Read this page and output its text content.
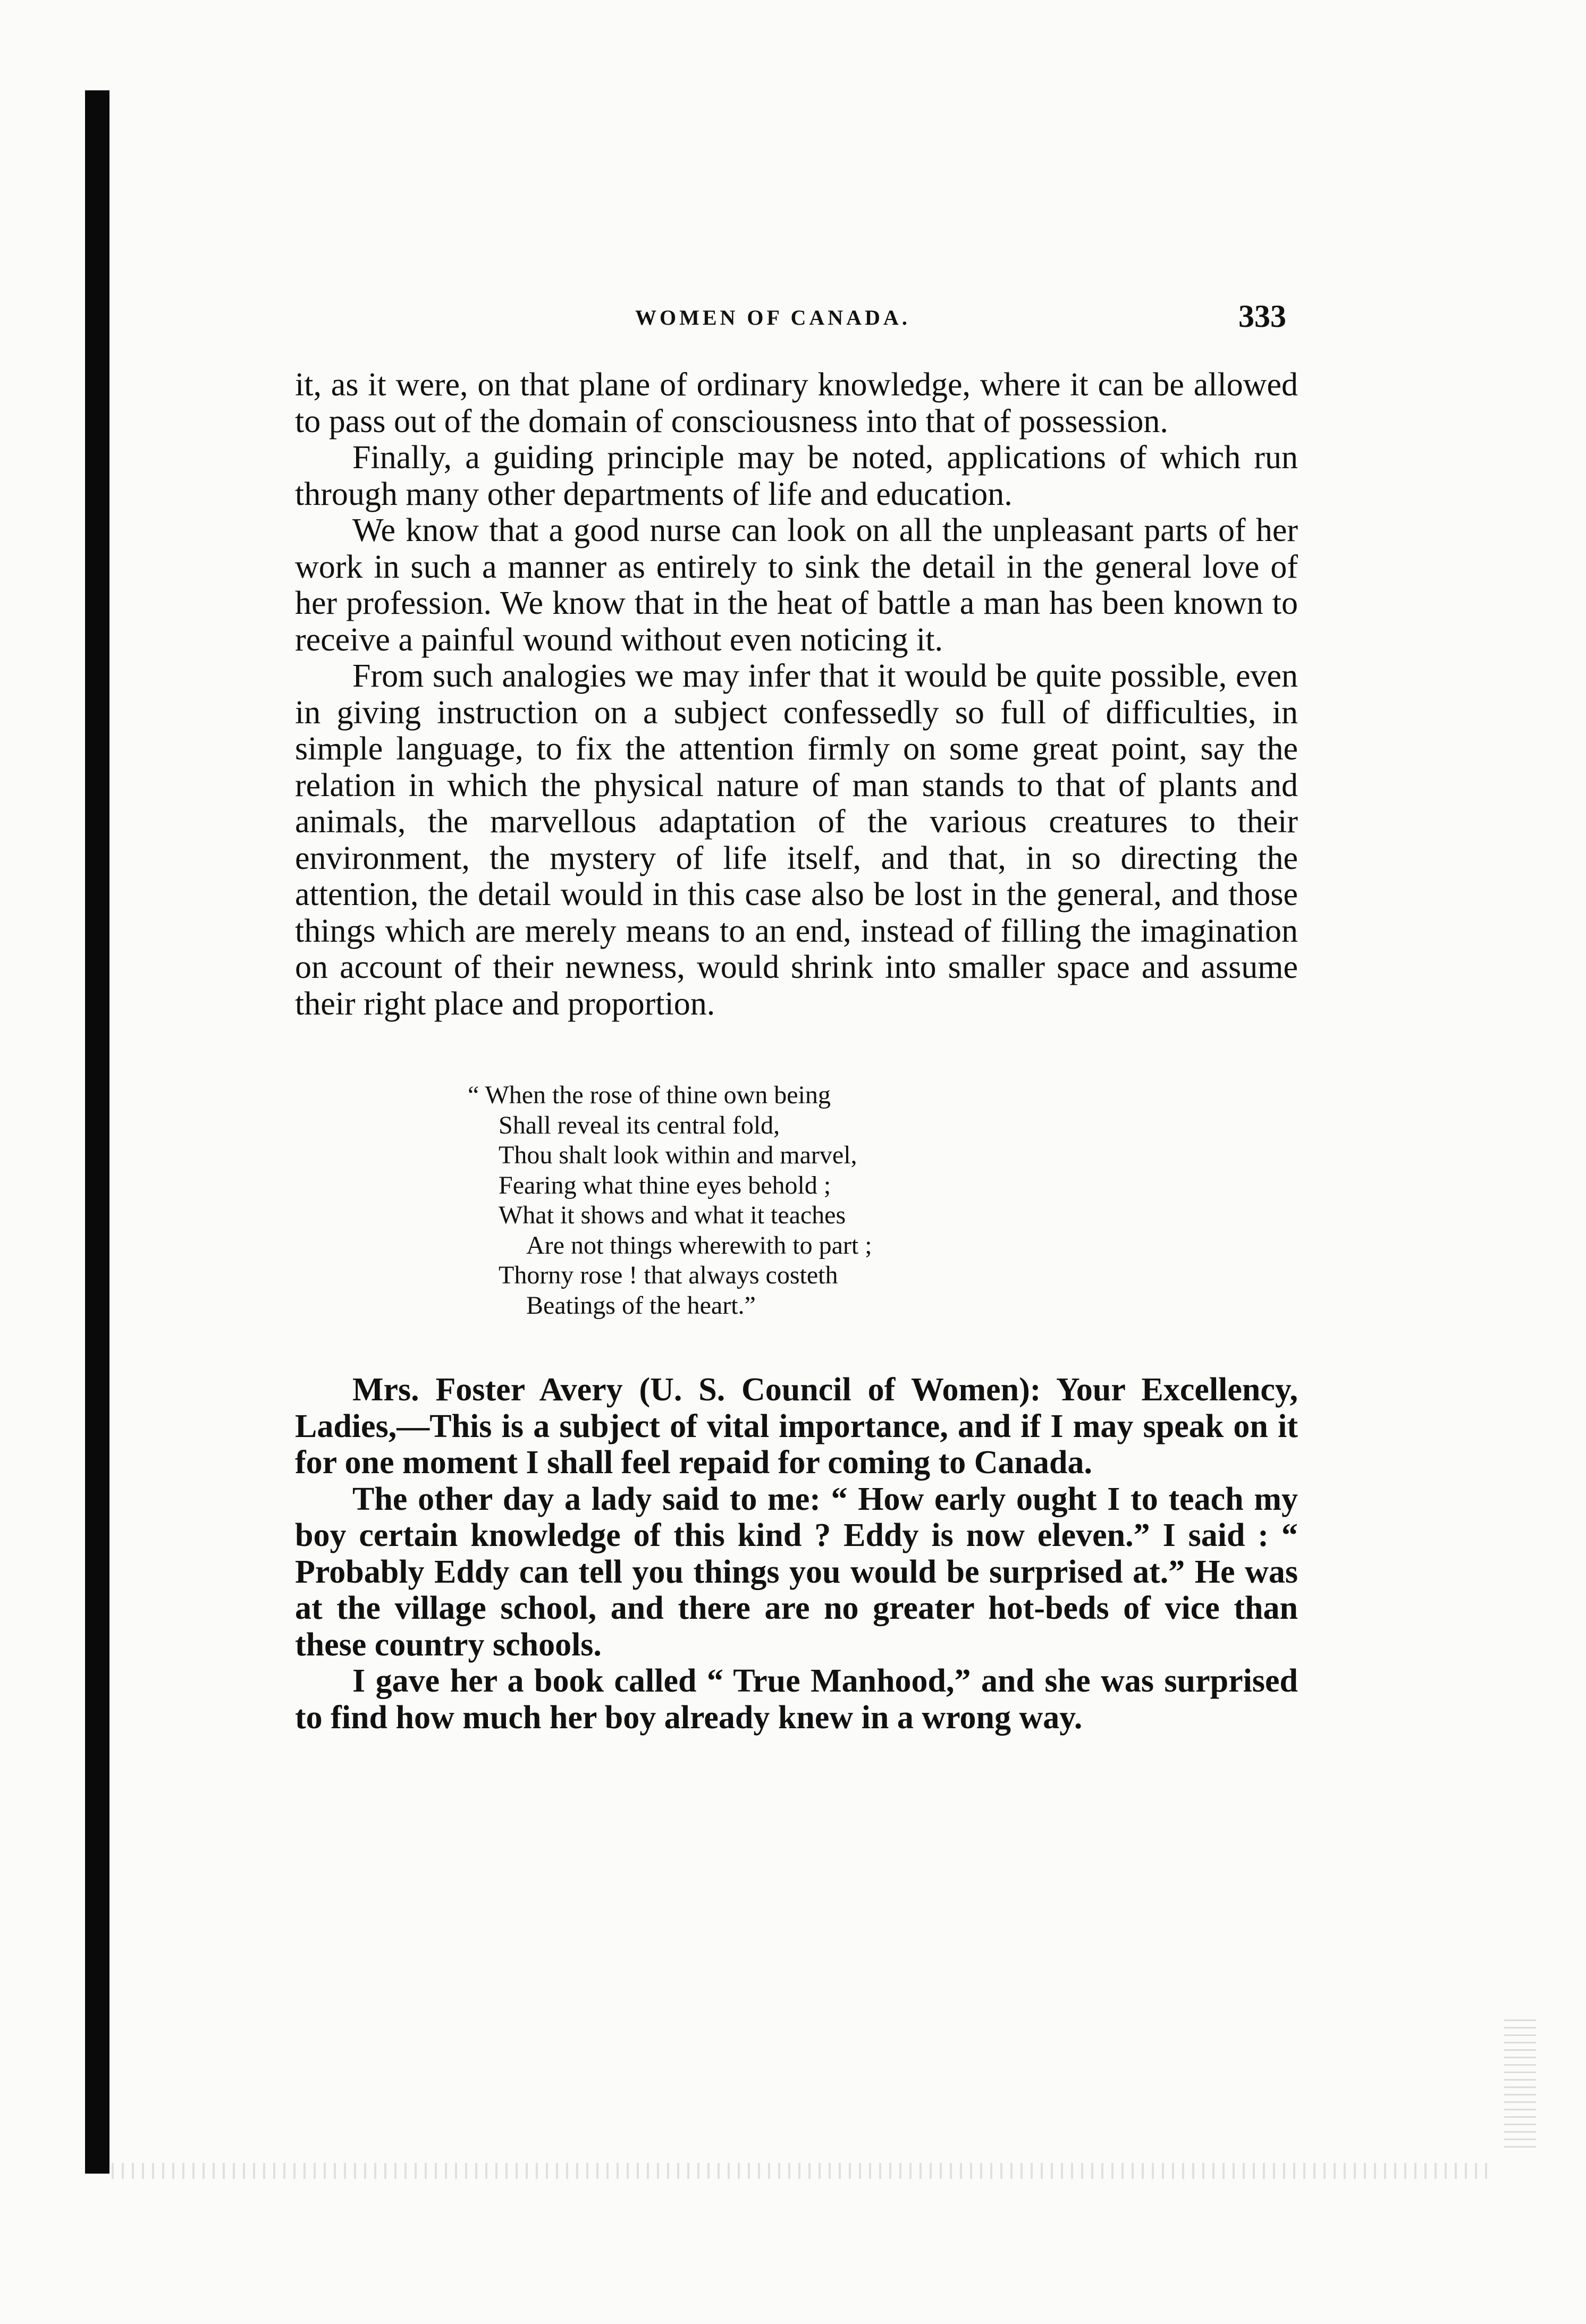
WOMEN OF CANADA.	333

it, as it were, on that plane of ordinary knowledge, where it can be allowed to pass out of the domain of consciousness into that of possession.

Finally, a guiding principle may be noted, applications of which run through many other departments of life and education.

We know that a good nurse can look on all the unpleasant parts of her work in such a manner as entirely to sink the detail in the general love of her profession. We know that in the heat of battle a man has been known to receive a painful wound without even noticing it.

From such analogies we may infer that it would be quite possible, even in giving instruction on a subject confessedly so full of difficulties, in simple language, to fix the attention firmly on some great point, say the relation in which the physical nature of man stands to that of plants and animals, the marvellous adaptation of the various creatures to their environment, the mystery of life itself, and that, in so directing the attention, the detail would in this case also be lost in the general, and those things which are merely means to an end, instead of filling the imagination on account of their newness, would shrink into smaller space and assume their right place and proportion.

“ When the rose of thine own being
Shall reveal its central fold,
Thou shalt look within and marvel,
Fearing what thine eyes behold ;
What it shows and what it teaches
Are not things wherewith to part ;
Thorny rose ! that always costeth
Beatings of the heart.”

Mrs. Foster Avery (U. S. Council of Women): Your Excellency, Ladies,—This is a subject of vital importance, and if I may speak on it for one moment I shall feel repaid for coming to Canada.

The other day a lady said to me: “ How early ought I to teach my boy certain knowledge of this kind ? Eddy is now eleven.” I said : “ Probably Eddy can tell you things you would be surprised at.” He was at the village school, and there are no greater hot-beds of vice than these country schools.

I gave her a book called “ True Manhood,” and she was surprised to find how much her boy already knew in a wrong way.
